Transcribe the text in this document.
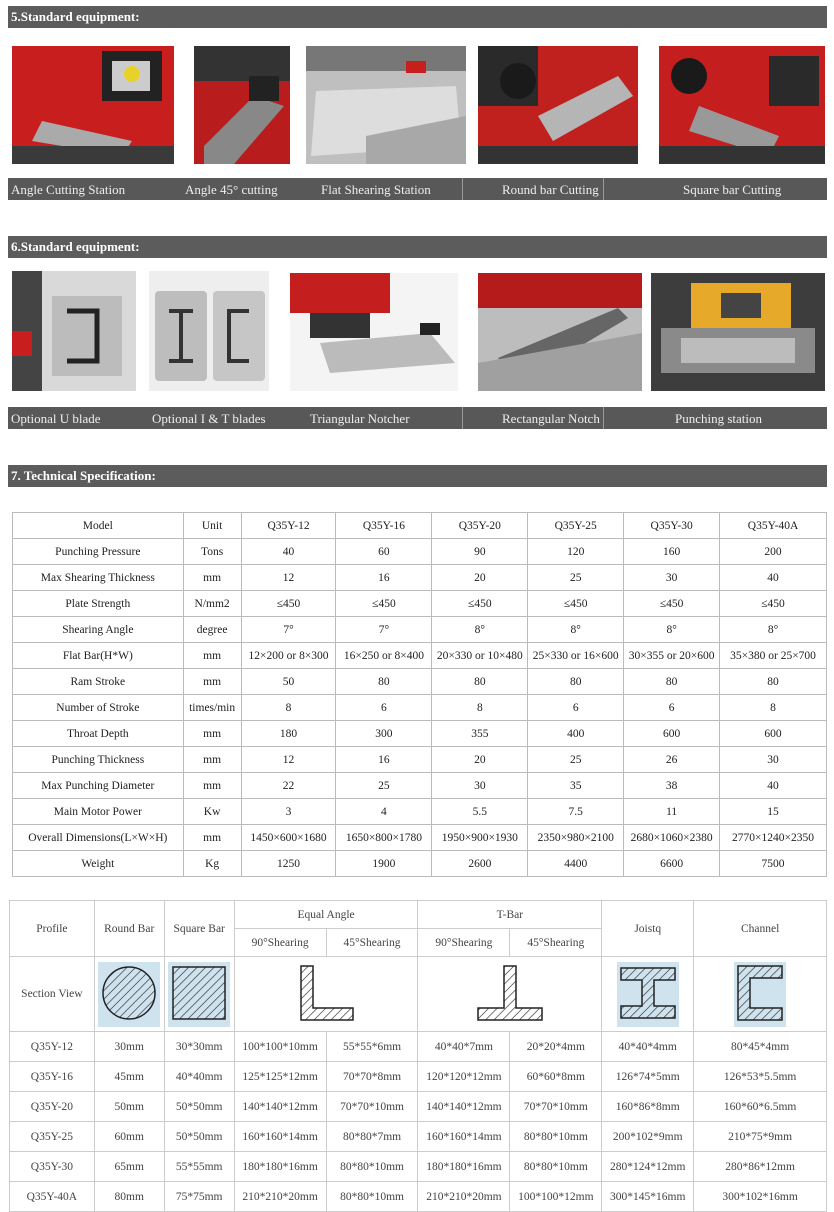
5.Standard equipment:
6.Standard equipment:
7. Technical Specification:
Angle Cutting Station	Angle 45° cutting	Flat Shearing Station	Round bar Cutting	Square bar Cutting
Optional U blade	Optional I & T blades	Triangular Notcher	Rectangular Notch	Punching station
Model	Unit	Q35Y-12	Q35Y-16	Q35Y-20	Q35Y-25	Q35Y-30	Q35Y-40A
Punching Pressure	Tons	40	60	90	120	160	200
Max Shearing Thickness	mm	12	16	20	25	30	40
Plate Strength	N/mm2	≤450	≤450	≤450	≤450	≤450	≤450
Shearing Angle	degree	7°	7°	8°	8°	8°	8°
Flat Bar(H*W)	mm	12×200 or 8×300	16×250 or 8×400	20×330 or 10×480	25×330 or 16×600	30×355 or 20×600	35×380 or 25×700
Ram Stroke	mm	50	80	80	80	80	80
Number of Stroke	times/min	8	6	8	6	6	8
Throat Depth	mm	180	300	355	400	600	600
Punching Thickness	mm	12	16	20	25	26	30
Max Punching Diameter	mm	22	25	30	35	38	40
Main Motor Power	Kw	3	4	5.5	7.5	11	15
Overall Dimensions(L×W×H)	mm	1450×600×1680	1650×800×1780	1950×900×1930	2350×980×2100	2680×1060×2380	2770×1240×2350
Weight	Kg	1250	1900	2600	4400	6600	7500
Profile	Round Bar	Square Bar	Equal Angle		T-Bar		Joistq	Channel
			90°Shearing	45°Shearing	90°Shearing	45°Shearing		
Section View						
Q35Y-12	30mm	30*30mm	100*100*10mm	55*55*6mm	40*40*7mm	20*20*4mm	40*40*4mm	80*45*4mm
Q35Y-16	45mm	40*40mm	125*125*12mm	70*70*8mm	120*120*12mm	60*60*8mm	126*74*5mm	126*53*5.5mm
Q35Y-20	50mm	50*50mm	140*140*12mm	70*70*10mm	140*140*12mm	70*70*10mm	160*86*8mm	160*60*6.5mm
Q35Y-25	60mm	50*50mm	160*160*14mm	80*80*7mm	160*160*14mm	80*80*10mm	200*102*9mm	210*75*9mm
Q35Y-30	65mm	55*55mm	180*180*16mm	80*80*10mm	180*180*16mm	80*80*10mm	280*124*12mm	280*86*12mm
Q35Y-40A	80mm	75*75mm	210*210*20mm	80*80*10mm	210*210*20mm	100*100*12mm	300*145*16mm	300*102*16mm
